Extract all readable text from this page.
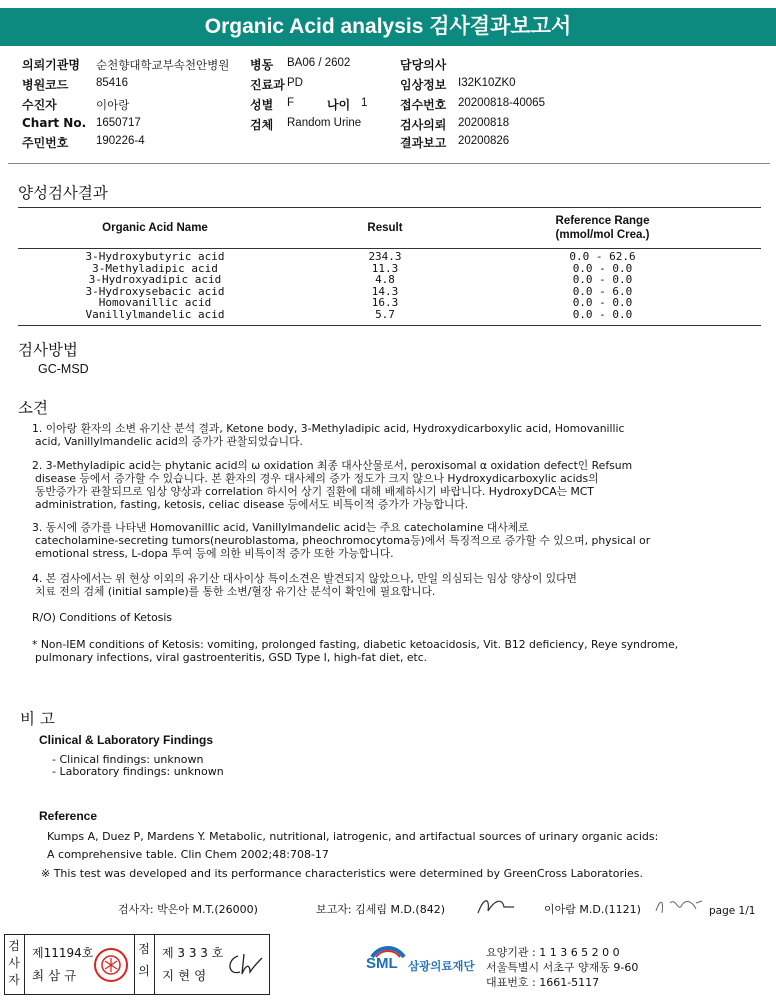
Organic Acid analysis 검사결과보고서
의뢰기관명 순천향대학교부속천안병원 병동 BA06 / 2602	담당의사
병원코드 85416	진료과 PD	임상정보 I32K10ZK0
수진자	이아랑	성별 F	나이 1	접수번호 20200818-40065
Chart No. 1650717	검체 Random Urine	검사의뢰 20200818
주민번호 190226-4	결과보고 20200826
양성검사결과
Organic Acid Name	Result
Reference Range
(mmol/mol Crea.)
3-Hydroxybutyric acid	234.3	0.0 - 62.6
3-Methyladipic acid	11.3	0.0 - 0.0
3-Hydroxyadipic acid	4.8	0.0 - 0.0
3-Hydroxysebacic acid	14.3	0.0 - 6.0
Homovanillic acid	16.3	0.0 - 0.0
Vanillylmandelic acid	5.7	0.0 - 0.0
검사방법
GC-MSD
소견
1. 이아랑 환자의 소변 유기산 분석 결과, Ketone body, 3-Methyladipic acid, Hydroxydicarboxylic acid, Homovanillic
acid, Vanillylmandelic acid의 증가가 관찰되었습니다.
2. 3-Methyladipic acid는 phytanic acid의 ω oxidation 최종 대사산물로서, peroxisomal α oxidation defect인 Refsum
disease 등에서 증가할 수 있습니다. 본 환자의 경우 대사체의 증가 정도가 크지 않으나 Hydroxydicarboxylic acids의
동반증가가 관찰되므로 임상 양상과 correlation 하시어 상기 질환에 대해 배제하시기 바랍니다. HydroxyDCA는 MCT
administration, fasting, ketosis, celiac disease 등에서도 비특이적 증가가 가능합니다.
3. 동시에 증가를 나타낸 Homovanillic acid, Vanillylmandelic acid는 주요 catecholamine 대사체로
catecholamine-secreting tumors(neuroblastoma, pheochromocytoma등)에서 특징적으로 증가할 수 있으며, physical or
emotional stress, L-dopa 투여 등에 의한 비특이적 증가 또한 가능합니다.
4. 본 검사에서는 위 현상 이외의 유기산 대사이상 특이소견은 발견되지 않았으나, 만일 의심되는 임상 양상이 있다면
치료 전의 검체 (initial sample)를 통한 소변/혈장 유기산 분석이 확인에 필요합니다.
R/O) Conditions of Ketosis
* Non-IEM conditions of Ketosis: vomiting, prolonged fasting, diabetic ketoacidosis, Vit. B12 deficiency, Reye syndrome,
pulmonary infections, viral gastroenteritis, GSD Type I, high-fat diet, etc.
비 고
Clinical & Laboratory Findings
- Clinical findings: unknown
- Laboratory findings: unknown
Reference
Kumps A, Duez P, Mardens Y. Metabolic, nutritional, iatrogenic, and artifactual sources of urinary organic acids:
A comprehensive table. Clin Chem 2002;48:708-17
※ This test was developed and its performance characteristics were determined by GreenCross Laboratories.
검사자: 박은아 M.T.(26000)	보고자: 김세림 M.D.(842)	이아람 M.D.(1121)	page 1/1
검사자
제11194호
최 삼 규
점의
제 3 3 3 호
지 현 영
SML 삼광의료재단
요양기관 : 1 1 3 6 5 2 0 0
서울특별시 서초구 양재동 9-60
대표번호 : 1661-5117
